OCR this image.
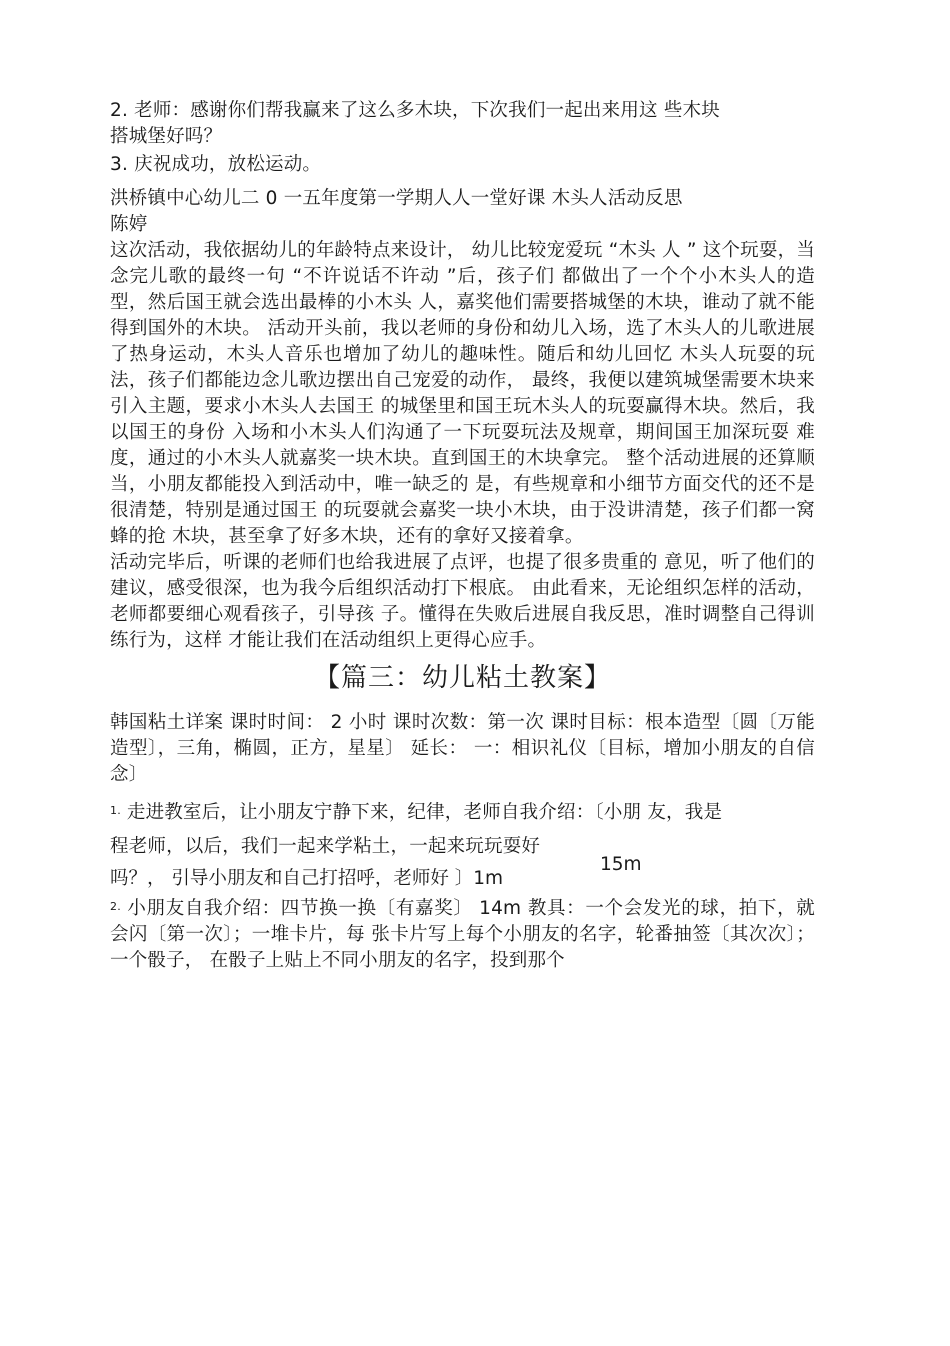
2. 老师：感谢你们帮我赢来了这么多木块，下次我们一起出来用这 些木块
搭城堡好吗？
3. 庆祝成功，放松运动。
洪桥镇中心幼儿二 0 一五年度第一学期人人一堂好课 木头人活动反思
陈婷
这次活动，我依据幼儿的年龄特点来设计， 幼儿比较宠爱玩 “木头 人 ” 这个玩耍，当念完儿歌的最终一句 “不许说话不许动 ”后，孩子们 都做出了一个个小木头人的造型，然后国王就会选出最棒的小木头 人，嘉奖他们需要搭城堡的木块，谁动了就不能得到国外的木块。 活动开头前，我以老师的身份和幼儿入场，选了木头人的儿歌进展 了热身运动，木头人音乐也增加了幼儿的趣味性。随后和幼儿回忆 木头人玩耍的玩法，孩子们都能边念儿歌边摆出自己宠爱的动作， 最终，我便以建筑城堡需要木块来引入主题，要求小木头人去国王 的城堡里和国王玩木头人的玩耍赢得木块。然后，我以国王的身份 入场和小木头人们沟通了一下玩耍玩法及规章，期间国王加深玩耍 难度，通过的小木头人就嘉奖一块木块。直到国王的木块拿完。 整个活动进展的还算顺当，小朋友都能投入到活动中，唯一缺乏的 是，有些规章和小细节方面交代的还不是很清楚，特别是通过国王 的玩耍就会嘉奖一块小木块，由于没讲清楚，孩子们都一窝蜂的抢 木块，甚至拿了好多木块，还有的拿好又接着拿。
活动完毕后，听课的老师们也给我进展了点评，也提了很多贵重的 意见，听了他们的建议，感受很深，也为我今后组织活动打下根底。 由此看来，无论组织怎样的活动，老师都要细心观看孩子，引导孩 子。懂得在失败后进展自我反思，准时调整自己得训练行为，这样 才能让我们在活动组织上更得心应手。
【篇三：幼儿粘土教案】
韩国粘土详案 课时时间： 2 小时 课时次数：第一次 课时目标：根本造型〔圆〔万能造型〕，三角，椭圆，正方，星星〕 延长： 一：相识礼仪〔目标，增加小朋友的自信念〕
$^{1.}$ 走进教室后，让小朋友宁静下来，纪律，老师自我介绍：〔小朋 友，我是
程老师，以后，我们一起来学粘土，一起来玩玩耍好
吗？， 引导小朋友和自己打招呼，老师好 〕1m
15m
$^{2.}$ 小朋友自我介绍：四节换一换〔有嘉奖〕 14m 教具：一个会发光的球，拍下，就会闪〔第一次〕；一堆卡片，每 张卡片写上每个小朋友的名字，轮番抽签〔其次次〕；一个骰子， 在骰子上贴上不同小朋友的名字，投到那个
